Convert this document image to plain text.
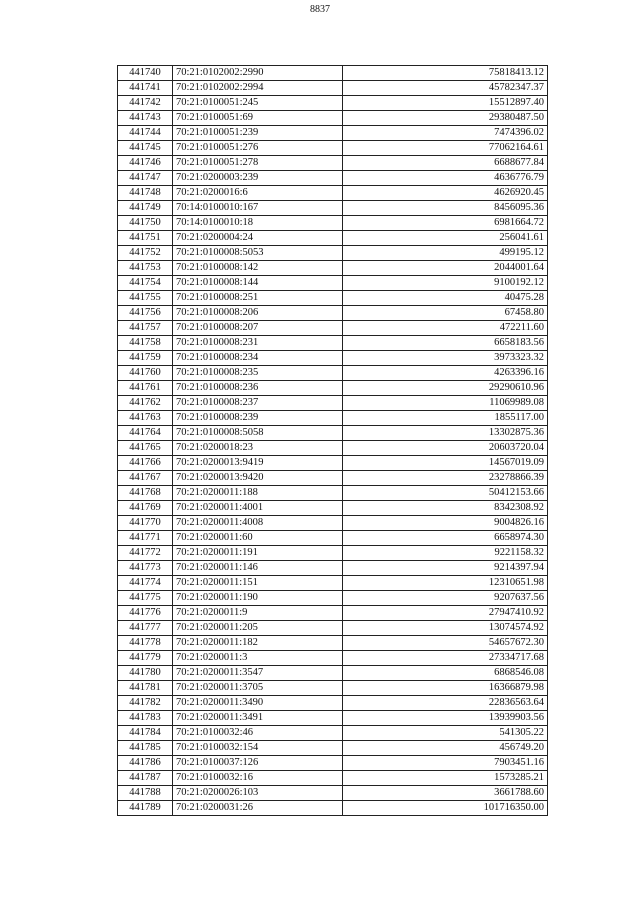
8837
441740	70:21:0102002:2990	75818413.12
441741	70:21:0102002:2994	45782347.37
441742	70:21:0100051:245	15512897.40
441743	70:21:0100051:69	29380487.50
441744	70:21:0100051:239	7474396.02
441745	70:21:0100051:276	77062164.61
441746	70:21:0100051:278	6688677.84
441747	70:21:0200003:239	4636776.79
441748	70:21:0200016:6	4626920.45
441749	70:14:0100010:167	8456095.36
441750	70:14:0100010:18	6981664.72
441751	70:21:0200004:24	256041.61
441752	70:21:0100008:5053	499195.12
441753	70:21:0100008:142	2044001.64
441754	70:21:0100008:144	9100192.12
441755	70:21:0100008:251	40475.28
441756	70:21:0100008:206	67458.80
441757	70:21:0100008:207	472211.60
441758	70:21:0100008:231	6658183.56
441759	70:21:0100008:234	3973323.32
441760	70:21:0100008:235	4263396.16
441761	70:21:0100008:236	29290610.96
441762	70:21:0100008:237	11069989.08
441763	70:21:0100008:239	1855117.00
441764	70:21:0100008:5058	13302875.36
441765	70:21:0200018:23	20603720.04
441766	70:21:0200013:9419	14567019.09
441767	70:21:0200013:9420	23278866.39
441768	70:21:0200011:188	50412153.66
441769	70:21:0200011:4001	8342308.92
441770	70:21:0200011:4008	9004826.16
441771	70:21:0200011:60	6658974.30
441772	70:21:0200011:191	9221158.32
441773	70:21:0200011:146	9214397.94
441774	70:21:0200011:151	12310651.98
441775	70:21:0200011:190	9207637.56
441776	70:21:0200011:9	27947410.92
441777	70:21:0200011:205	13074574.92
441778	70:21:0200011:182	54657672.30
441779	70:21:0200011:3	27334717.68
441780	70:21:0200011:3547	6868546.08
441781	70:21:0200011:3705	16366879.98
441782	70:21:0200011:3490	22836563.64
441783	70:21:0200011:3491	13939903.56
441784	70:21:0100032:46	541305.22
441785	70:21:0100032:154	456749.20
441786	70:21:0100037:126	7903451.16
441787	70:21:0100032:16	1573285.21
441788	70:21:0200026:103	3661788.60
441789	70:21:0200031:26	101716350.00
